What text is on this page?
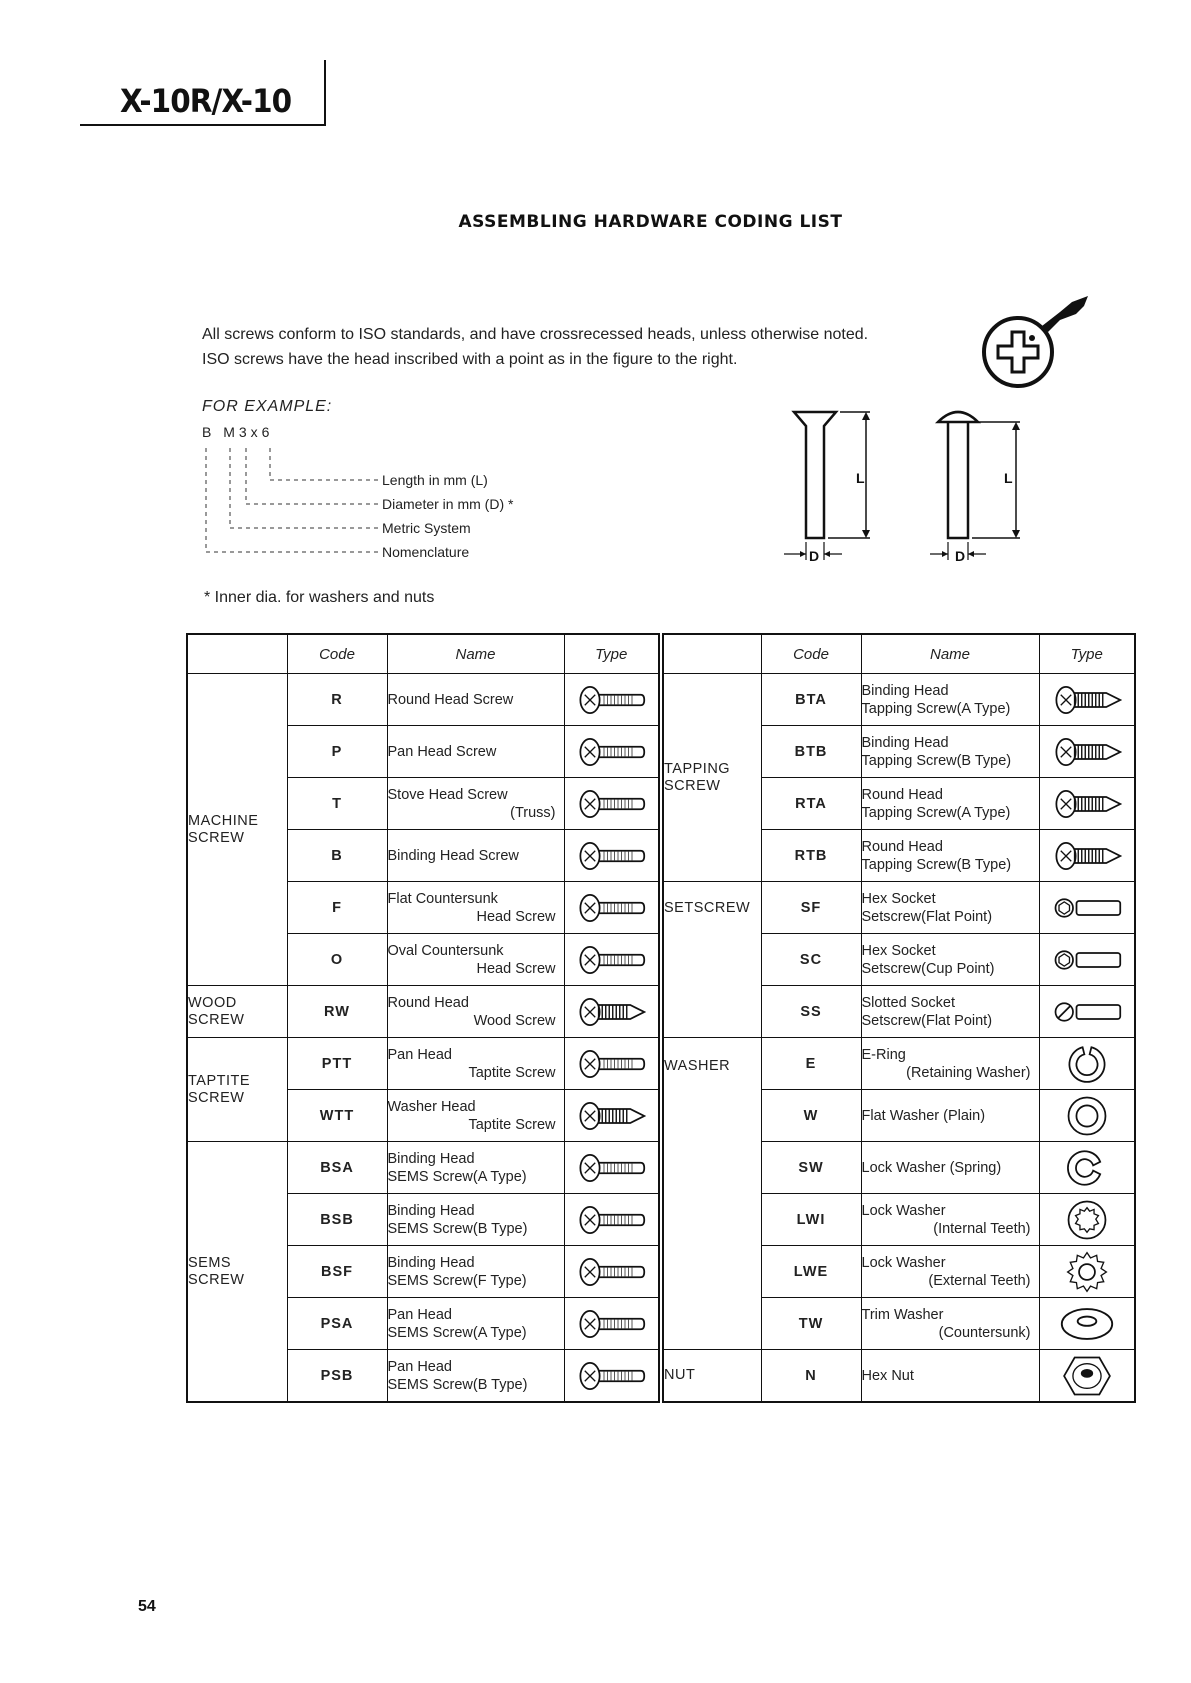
X-10R/X-10
ASSEMBLING HARDWARE CODING LIST
All screws conform to ISO standards, and have crossrecessed heads, unless otherwise noted.
ISO screws have the head inscribed with a point as in the figure to the right.
FOR EXAMPLE:
B M3x6
Length in mm (L)
Diameter in mm (D) *
Metric System
Nomenclature
L
D
L
D
* Inner dia. for washers and nuts
	Code	Name	Type
MACHINE SCREW	R	Round Head Screw	

	P	Pan Head Screw	

	T	Stove Head Screw
(Truss)

	B	Binding Head Screw	

	F	Flat Countersunk
Head Screw

	O	Oval Countersunk
Head Screw

WOOD SCREW	RW	Round Head
Wood Screw

TAPTITE SCREW	PTT	Pan Head
Taptite Screw

	WTT	Washer Head
Taptite Screw

SEMS SCREW	BSA	Binding Head
SEMS Screw(A Type)

	BSB	Binding Head
SEMS Screw(B Type)

	BSF	Binding Head
SEMS Screw(F Type)

	PSA	Pan Head
SEMS Screw(A Type)

	PSB	Pan Head
SEMS Screw(B Type)

	Code	Name	Type
TAPPING SCREW	BTA	Binding Head
Tapping Screw(A Type)

	BTB	Binding Head
Tapping Screw(B Type)

	RTA	Round Head
Tapping Screw(A Type)

	RTB	Round Head
Tapping Screw(B Type)

SETSCREW	SF	Hex Socket
Setscrew(Flat Point)

	SC	Hex Socket
Setscrew(Cup Point)

	SS	Slotted Socket
Setscrew(Flat Point)

WASHER	E	E-Ring
(Retaining Washer)

	W	Flat Washer (Plain)	

	SW	Lock Washer (Spring)	

	LWI	Lock Washer
(Internal Teeth)

	LWE	Lock Washer
(External Teeth)

	TW	Trim Washer
(Countersunk)

NUT	N	Hex Nut	
54
